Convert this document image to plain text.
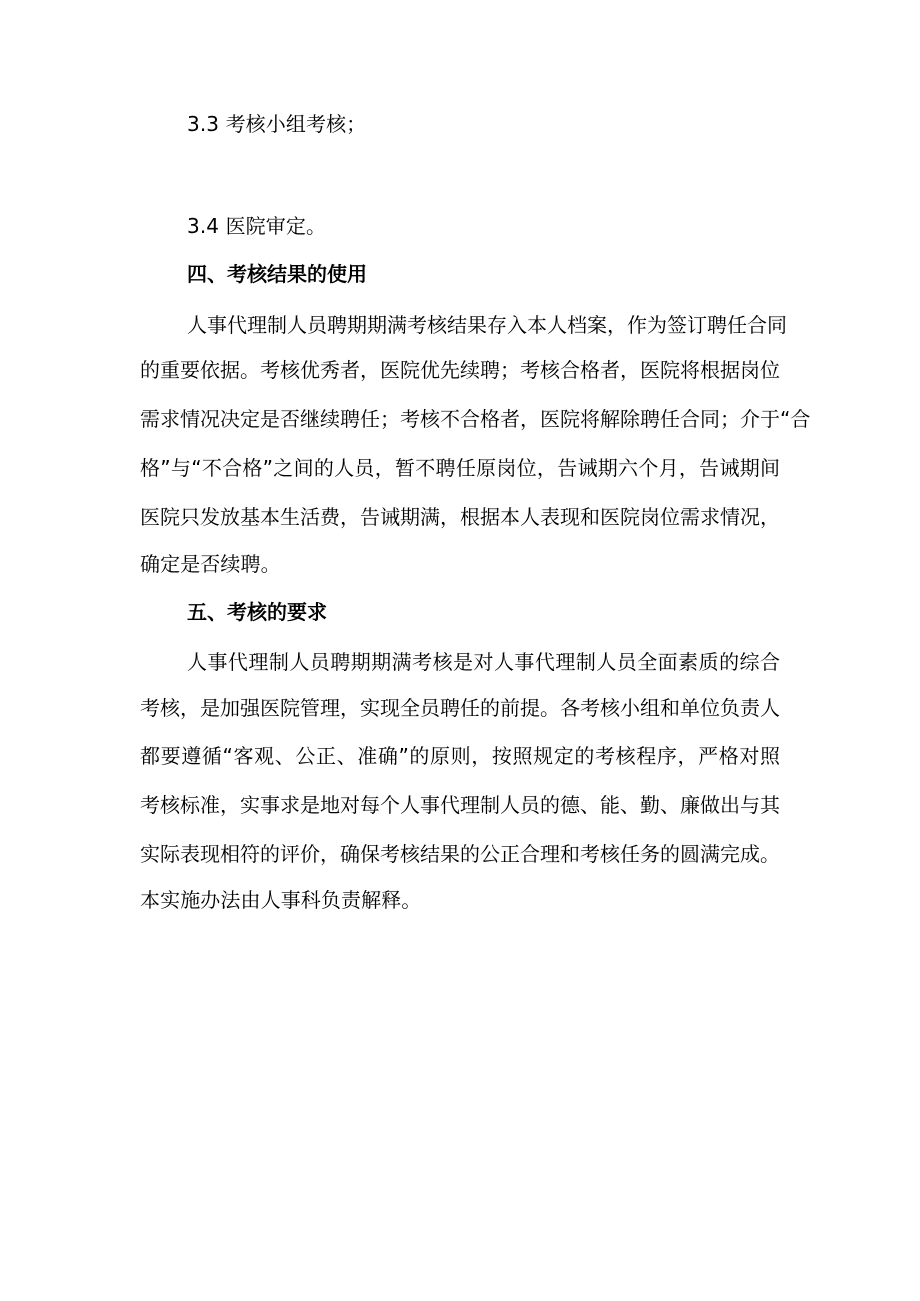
3.3 考核小组考核；
3.4 医院审定。
四、考核结果的使用
人事代理制人员聘期期满考核结果存入本人档案，作为签订聘任合同
的重要依据。考核优秀者，医院优先续聘；考核合格者，医院将根据岗位
需求情况决定是否继续聘任；考核不合格者，医院将解除聘任合同；介于“合
格”与“不合格”之间的人员，暂不聘任原岗位，告诫期六个月，告诫期间
医院只发放基本生活费，告诫期满，根据本人表现和医院岗位需求情况，
确定是否续聘。
五、考核的要求
人事代理制人员聘期期满考核是对人事代理制人员全面素质的综合
考核，是加强医院管理，实现全员聘任的前提。各考核小组和单位负责人
都要遵循“客观、公正、准确”的原则，按照规定的考核程序，严格对照
考核标准，实事求是地对每个人事代理制人员的德、能、勤、廉做出与其
实际表现相符的评价，确保考核结果的公正合理和考核任务的圆满完成。
本实施办法由人事科负责解释。
